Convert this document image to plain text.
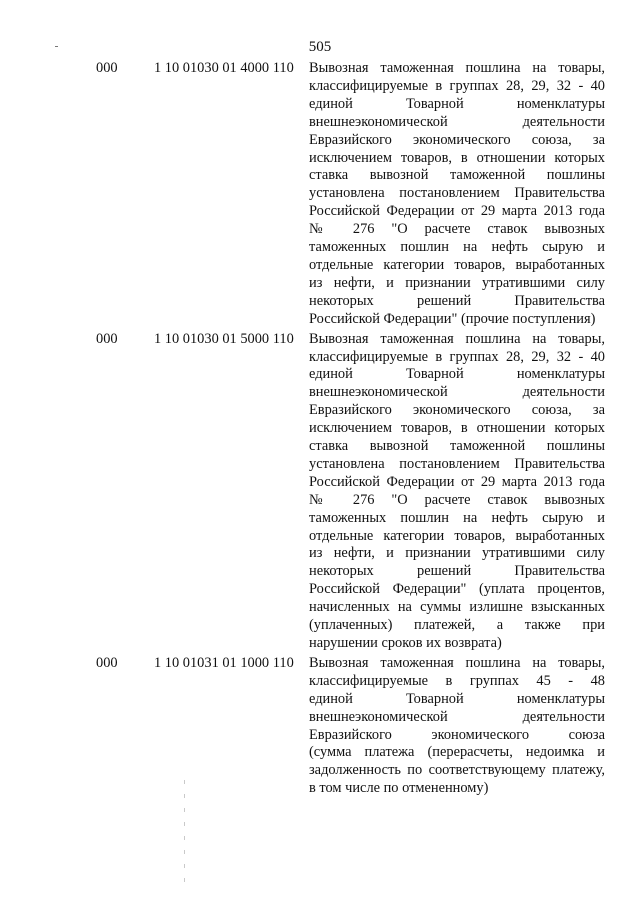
505
000	1 10 01030 01 4000 110 Вывозная таможенная пошлина на товары,
классифицируемые в группах 28, 29, 32 - 40
единой Товарной номенклатуры
внешнеэкономической деятельности
Евразийского экономического союза, за
исключением товаров, в отношении которых
ставка вывозной таможенной пошлины
установлена постановлением Правительства
Российской Федерации от 29 марта 2013 года
№ 276 "О расчете ставок вывозных
таможенных пошлин на нефть сырую и
отдельные категории товаров, выработанных
из нефти, и признании утратившими силу
некоторых решений Правительства
Российской Федерации" (прочие поступления)
000	1 10 01030 01 5000 110 Вывозная таможенная пошлина на товары,
классифицируемые в группах 28, 29, 32 - 40
единой Товарной номенклатуры
внешнеэкономической деятельности
Евразийского экономического союза, за
исключением товаров, в отношении которых
ставка вывозной таможенной пошлины
установлена постановлением Правительства
Российской Федерации от 29 марта 2013 года
№ 276 "О расчете ставок вывозных
таможенных пошлин на нефть сырую и
отдельные категории товаров, выработанных
из нефти, и признании утратившими силу
некоторых решений Правительства
Российской Федерации" (уплата процентов,
начисленных на суммы излишне взысканных
(уплаченных) платежей, а также при
нарушении сроков их возврата)
000	1 10 01031 01 1000 110 Вывозная таможенная пошлина на товары,
классифицируемые в группах 45 - 48
единой Товарной номенклатуры
внешнеэкономической деятельности
Евразийского экономического союза
(сумма платежа (перерасчеты, недоимка и
задолженность по соответствующему платежу,
в том числе по отмененному)
